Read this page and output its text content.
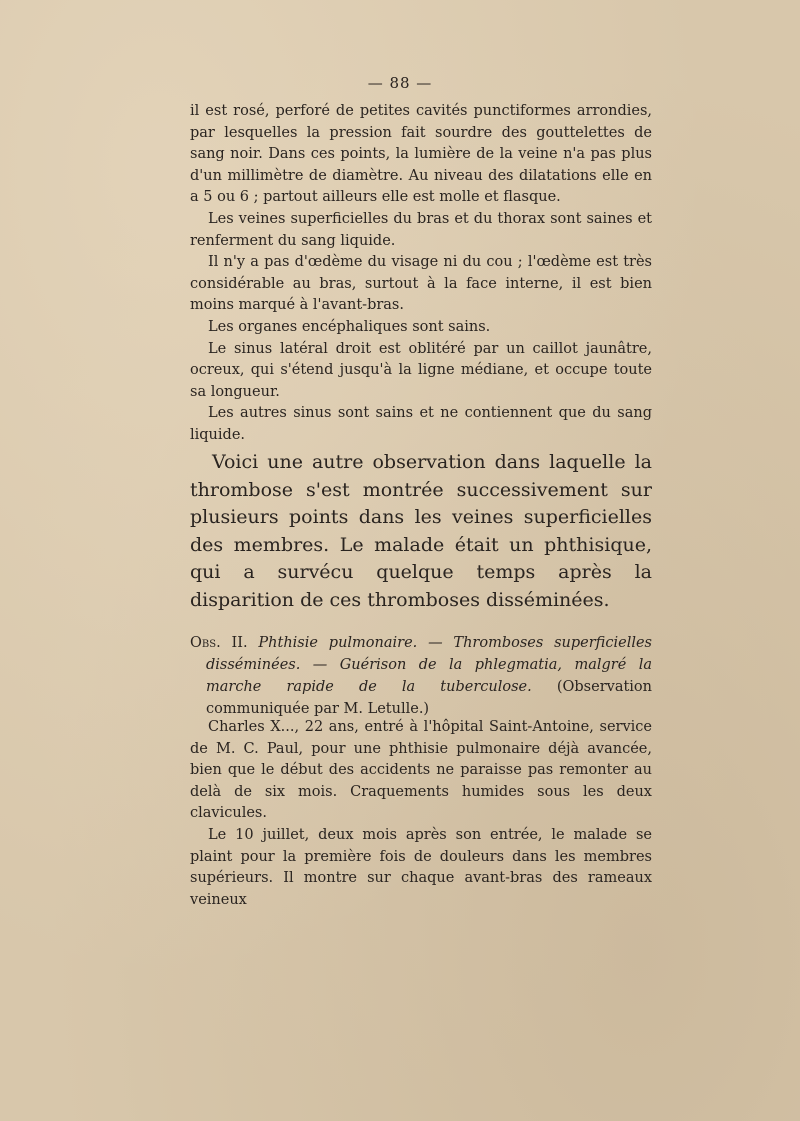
— 88 —

il est rosé, perforé de petites cavités punctiformes arrondies, par lesquelles la pression fait sourdre des gouttelettes de sang noir. Dans ces points, la lumière de la veine n'a pas plus d'un millimètre de diamètre. Au niveau des dilatations elle en a 5 ou 6 ; partout ailleurs elle est molle et flasque.

Les veines superficielles du bras et du thorax sont saines et renferment du sang liquide.

Il n'y a pas d'œdème du visage ni du cou ; l'œdème est très considérable au bras, surtout à la face interne, il est bien moins marqué à l'avant-bras.

Les organes encéphaliques sont sains.

Le sinus latéral droit est oblitéré par un caillot jaunâtre, ocreux, qui s'étend jusqu'à la ligne médiane, et occupe toute sa longueur.

Les autres sinus sont sains et ne contiennent que du sang liquide.

Voici une autre observation dans laquelle la thrombose s'est montrée successivement sur plusieurs points dans les veines superficielles des membres. Le malade était un phthisique, qui a survécu quelque temps après la disparition de ces thromboses disséminées.

Obs. II. Phthisie pulmonaire. — Thromboses superficielles disséminées. — Guérison de la phlegmatia, malgré la marche rapide de la tuberculose. (Observation communiquée par M. Letulle.)

Charles X..., 22 ans, entré à l'hôpital Saint-Antoine, service de M. C. Paul, pour une phthisie pulmonaire déjà avancée, bien que le début des accidents ne paraisse pas remonter au delà de six mois. Craquements humides sous les deux clavicules.

Le 10 juillet, deux mois après son entrée, le malade se plaint pour la première fois de douleurs dans les membres supérieurs. Il montre sur chaque avant-bras des rameaux veineux
